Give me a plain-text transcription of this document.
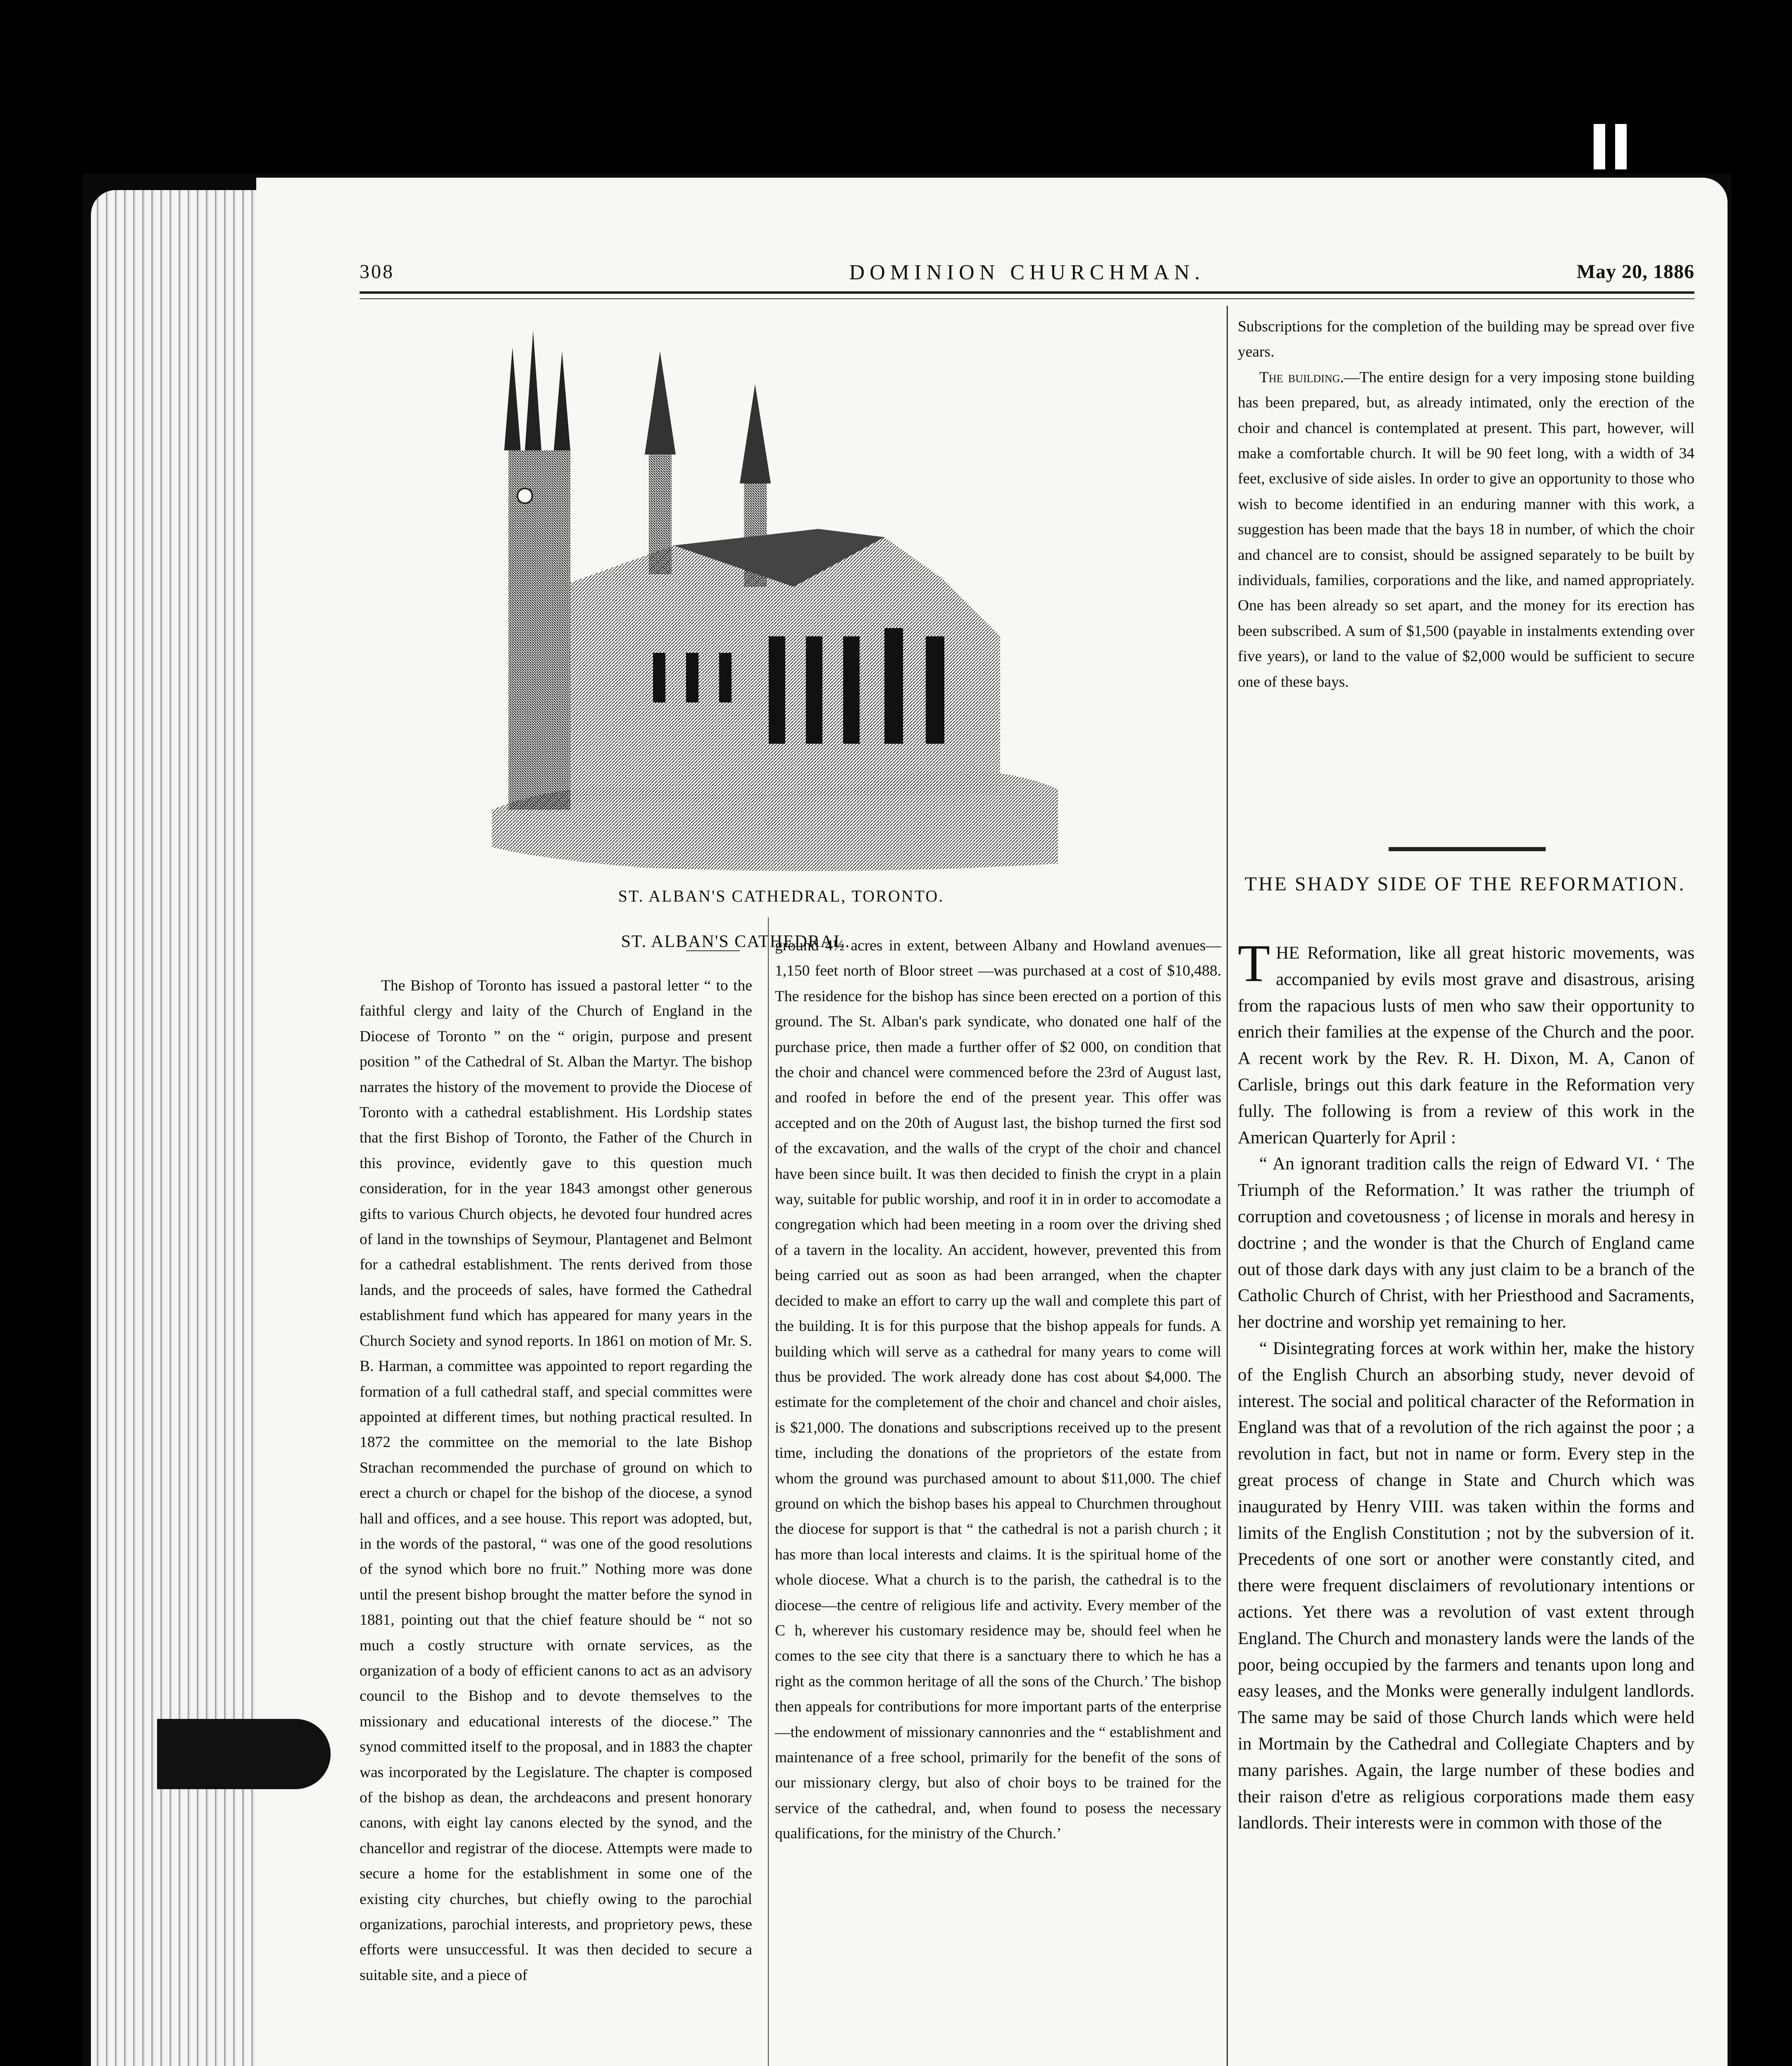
308	DOMINION CHURCHMAN.	May 20, 1886
ST. ALBAN'S CATHEDRAL, TORONTO.
ST. ALBAN'S CATHEDRAL.

The Bishop of Toronto has issued a pastoral letter “ to the faithful clergy and laity of the Church of England in the Diocese of Toronto ” on the “ origin, purpose and present position ” of the Cathedral of St. Alban the Martyr. The bishop narrates the history of the movement to provide the Diocese of Toronto with a cathedral establishment. His Lordship states that the first Bishop of Toronto, the Father of the Church in this province, evidently gave to this question much consideration, for in the year 1843 amongst other generous gifts to various Church objects, he devoted four hundred acres of land in the townships of Seymour, Plantagenet and Belmont for a cathedral establishment. The rents derived from those lands, and the proceeds of sales, have formed the Cathedral establishment fund which has appeared for many years in the Church Society and synod reports. In 1861 on motion of Mr. S. B. Harman, a committee was appointed to report regarding the formation of a full cathedral staff, and special committes were appointed at different times, but nothing practical resulted. In 1872 the committee on the memorial to the late Bishop Strachan recommended the purchase of ground on which to erect a church or chapel for the bishop of the diocese, a synod hall and offices, and a see house. This report was adopted, but, in the words of the pastoral, “ was one of the good resolutions of the synod which bore no fruit.” Nothing more was done until the present bishop brought the matter before the synod in 1881, pointing out that the chief feature should be “ not so much a costly structure with ornate services, as the organization of a body of efficient canons to act as an advisory council to the Bishop and to devote themselves to the missionary and educational interests of the diocese.” The synod committed itself to the proposal, and in 1883 the chapter was incorporated by the Legislature. The chapter is composed of the bishop as dean, the archdeacons and present honorary canons, with eight lay canons elected by the synod, and the chancellor and registrar of the diocese. Attempts were made to secure a home for the establishment in some one of the existing city churches, but chiefly owing to the parochial organizations, parochial interests, and proprietory pews, these efforts were unsuccessful. It was then decided to secure a suitable site, and a piece of

ground 4½ acres in extent, between Albany and Howland avenues—1,150 feet north of Bloor street —was purchased at a cost of $10,488. The residence for the bishop has since been erected on a portion of this ground. The St. Alban's park syndicate, who donated one half of the purchase price, then made a further offer of $2 000, on condition that the choir and chancel were commenced before the 23rd of August last, and roofed in before the end of the present year. This offer was accepted and on the 20th of August last, the bishop turned the first sod of the excavation, and the walls of the crypt of the choir and chancel have been since built. It was then decided to finish the crypt in a plain way, suitable for public worship, and roof it in in order to accomodate a congregation which had been meeting in a room over the driving shed of a tavern in the locality. An accident, however, prevented this from being carried out as soon as had been arranged, when the chapter decided to make an effort to carry up the wall and complete this part of the building. It is for this purpose that the bishop appeals for funds. A building which will serve as a cathedral for many years to come will thus be provided. The work already done has cost about $4,000. The estimate for the completement of the choir and chancel and choir aisles, is $21,000. The donations and subscriptions received up to the present time, including the donations of the proprietors of the estate from whom the ground was purchased amount to about $11,000. The chief ground on which the bishop bases his appeal to Churchmen throughout the diocese for support is that “ the cathedral is not a parish church ; it has more than local interests and claims. It is the spiritual home of the whole diocese. What a church is to the parish, the cathedral is to the diocese—the centre of religious life and activity. Every member of the C   h, wherever his customary residence may be, should feel when he comes to the see city that there is a sanctuary there to which he has a right as the common heritage of all the sons of the Church.’ The bishop then appeals for contributions for more important parts of the enterprise—the endowment of missionary cannonries and the “ establishment and maintenance of a free school, primarily for the benefit of the sons of our missionary clergy, but also of choir boys to be trained for the service of the cathedral, and, when found to posess the necessary qualifications, for the ministry of the Church.’

Subscriptions for the completion of the building may be spread over five years.

The building.—The entire design for a very imposing stone building has been prepared, but, as already intimated, only the erection of the choir and chancel is contemplated at present. This part, however, will make a comfortable church. It will be 90 feet long, with a width of 34 feet, exclusive of side aisles. In order to give an opportunity to those who wish to become identified in an enduring manner with this work, a suggestion has been made that the bays 18 in number, of which the choir and chancel are to consist, should be assigned separately to be built by individuals, families, corporations and the like, and named appropriately. One has been already so set apart, and the money for its erection has been subscribed. A sum of $1,500 (payable in instalments extending over five years), or land to the value of $2,000 would be sufficient to secure one of these bays.

THE SHADY SIDE OF THE REFORMATION.

THE Reformation, like all great historic movements, was accompanied by evils most grave and disastrous, arising from the rapacious lusts of men who saw their opportunity to enrich their families at the expense of the Church and the poor. A recent work by the Rev. R. H. Dixon, M. A, Canon of Carlisle, brings out this dark feature in the Reformation very fully. The following is from a review of this work in the American Quarterly for April :

“ An ignorant tradition calls the reign of Edward VI. ‘ The Triumph of the Reformation.’ It was rather the triumph of corruption and covetousness ; of license in morals and heresy in doctrine ; and the wonder is that the Church of England came out of those dark days with any just claim to be a branch of the Catholic Church of Christ, with her Priesthood and Sacraments, her doctrine and worship yet remaining to her.

“ Disintegrating forces at work within her, make the history of the English Church an absorbing study, never devoid of interest. The social and political character of the Reformation in England was that of a revolution of the rich against the poor ; a revolution in fact, but not in name or form. Every step in the great process of change in State and Church which was inaugurated by Henry VIII. was taken within the forms and limits of the English Constitution ; not by the subversion of it. Precedents of one sort or another were constantly cited, and there were frequent disclaimers of revolutionary intentions or actions. Yet there was a revolution of vast extent through England. The Church and monastery lands were the lands of the poor, being occupied by the farmers and tenants upon long and easy leases, and the Monks were generally indulgent landlords. The same may be said of those Church lands which were held in Mortmain by the Cathedral and Collegiate Chapters and by many parishes. Again, the large number of these bodies and their raison d'etre as religious corporations made them easy landlords. Their interests were in common with those of the
